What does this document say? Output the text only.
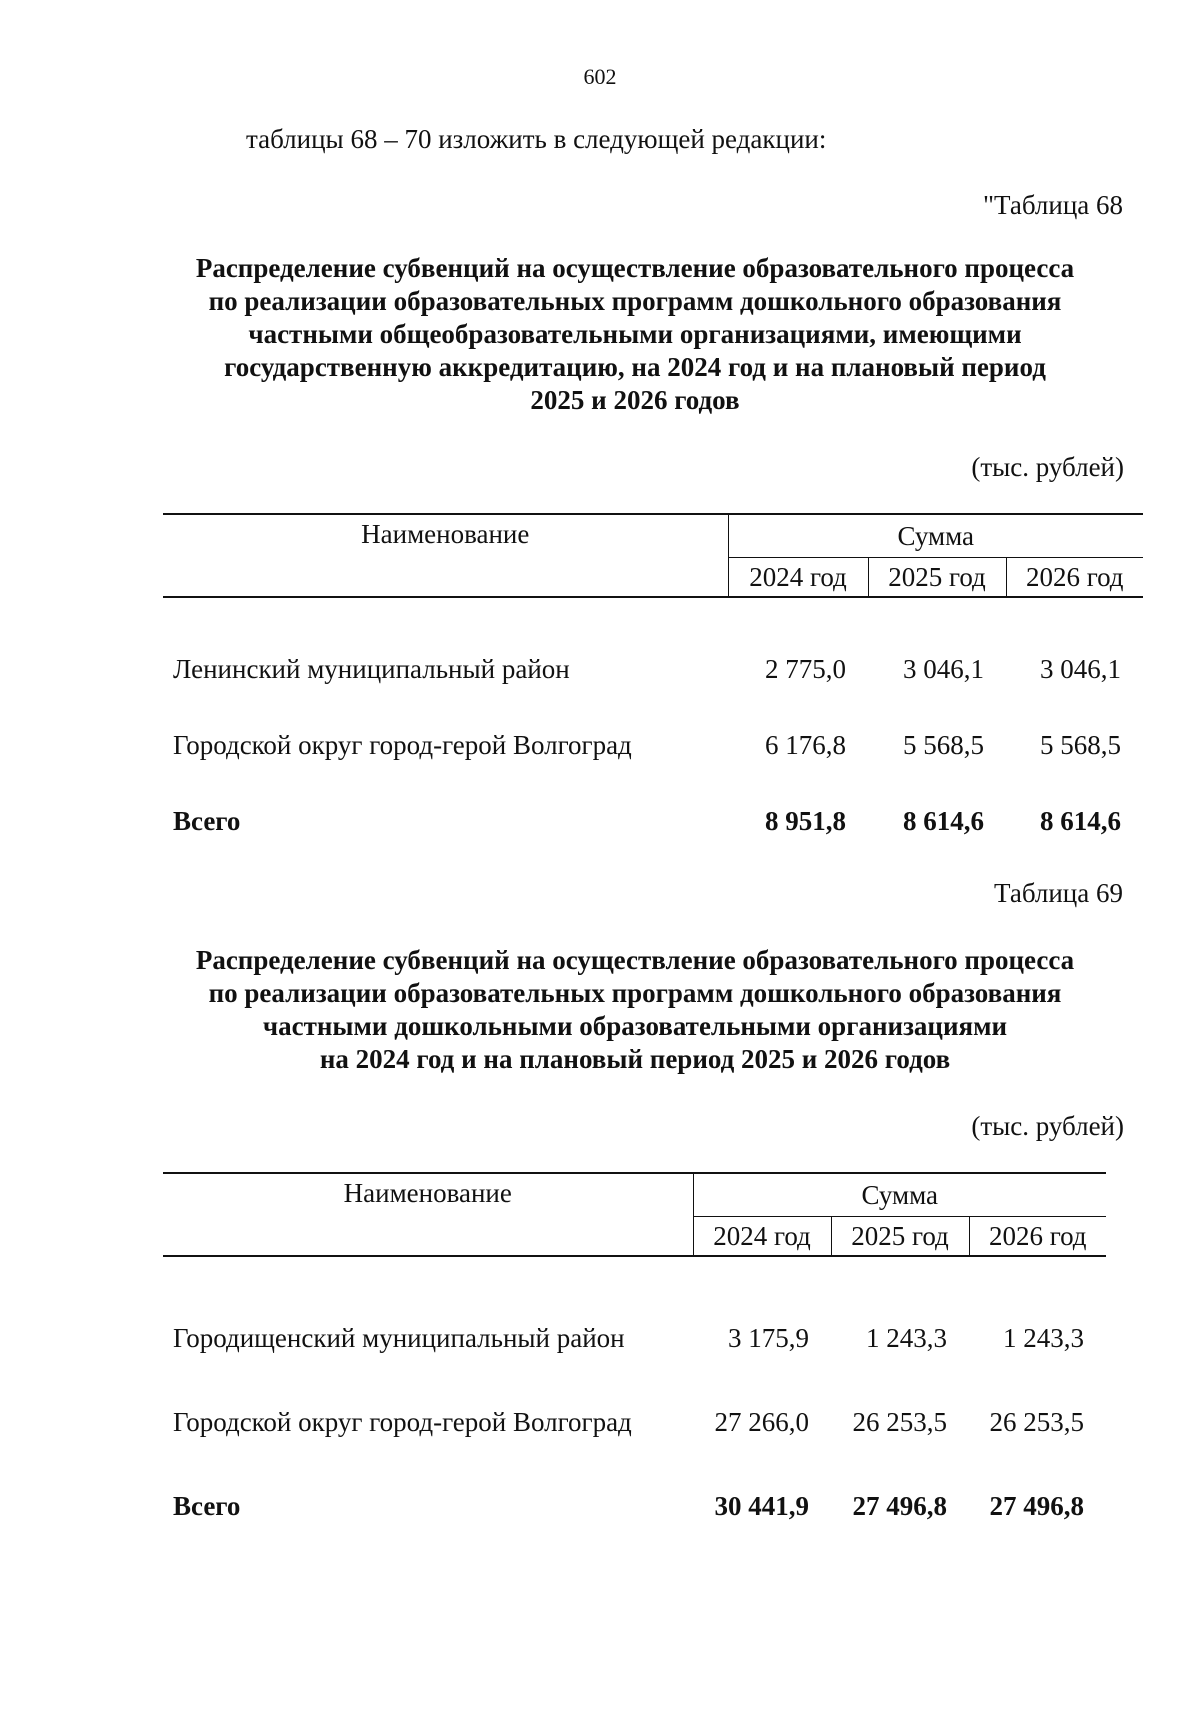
602
таблицы 68 – 70 изложить в следующей редакции:
"Таблица 68
Распределение субвенций на осуществление образовательного процесса
по реализации образовательных программ дошкольного образования
частными общеобразовательными организациями, имеющими
государственную аккредитацию, на 2024 год и на плановый период
2025 и 2026 годов
(тыс. рублей)
Наименование	Сумма		
	2024 год	2025 год	2026 год

Ленинский муниципальный район	2 775,0	3 046,1	3 046,1
Городской округ город-герой Волгоград	6 176,8	5 568,5	5 568,5
Всего	8 951,8	8 614,6	8 614,6
Таблица 69
Распределение субвенций на осуществление образовательного процесса
по реализации образовательных программ дошкольного образования
частными дошкольными образовательными организациями
на 2024 год и на плановый период 2025 и 2026 годов
(тыс. рублей)
Наименование	Сумма		
	2024 год	2025 год	2026 год

Городищенский муниципальный район	3 175,9	1 243,3	1 243,3
Городской округ город-герой Волгоград	27 266,0	26 253,5	26 253,5
Всего	30 441,9	27 496,8	27 496,8
